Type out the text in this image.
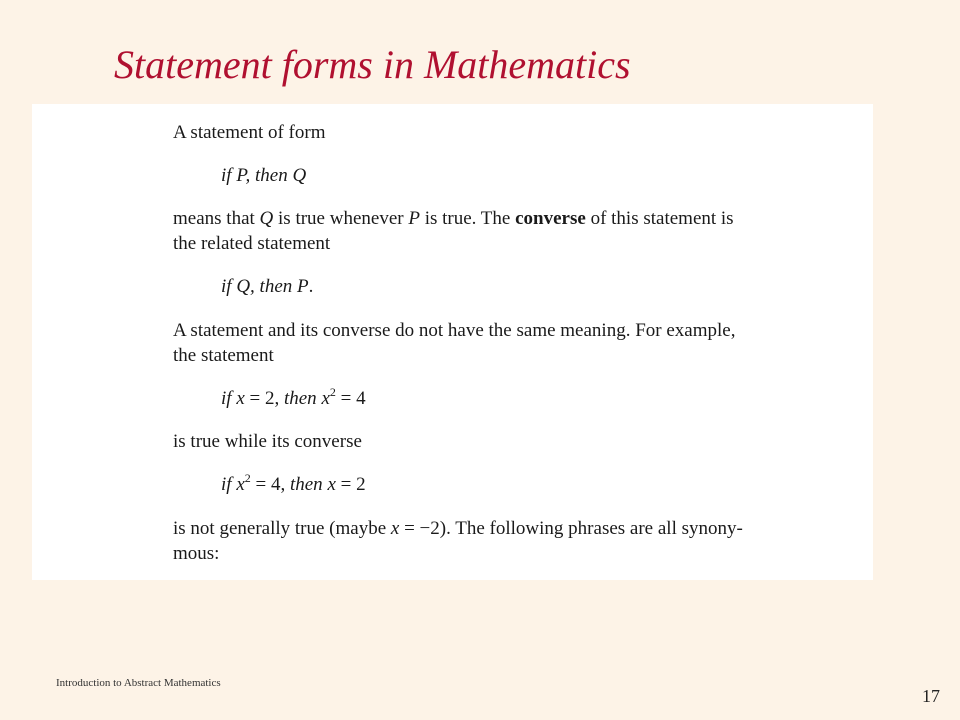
Statement forms in Mathematics
A statement of form
if P, then Q
means that Q is true whenever P is true. The converse of this statement is
the related statement
if Q, then P.
A statement and its converse do not have the same meaning. For example,
the statement
if x = 2, then $x^2 = 4$
is true while its converse
if $x^2 = 4$, then x = 2
is not generally true (maybe x = −2). The following phrases are all synony-
mous:
Introduction to Abstract Mathematics
17
